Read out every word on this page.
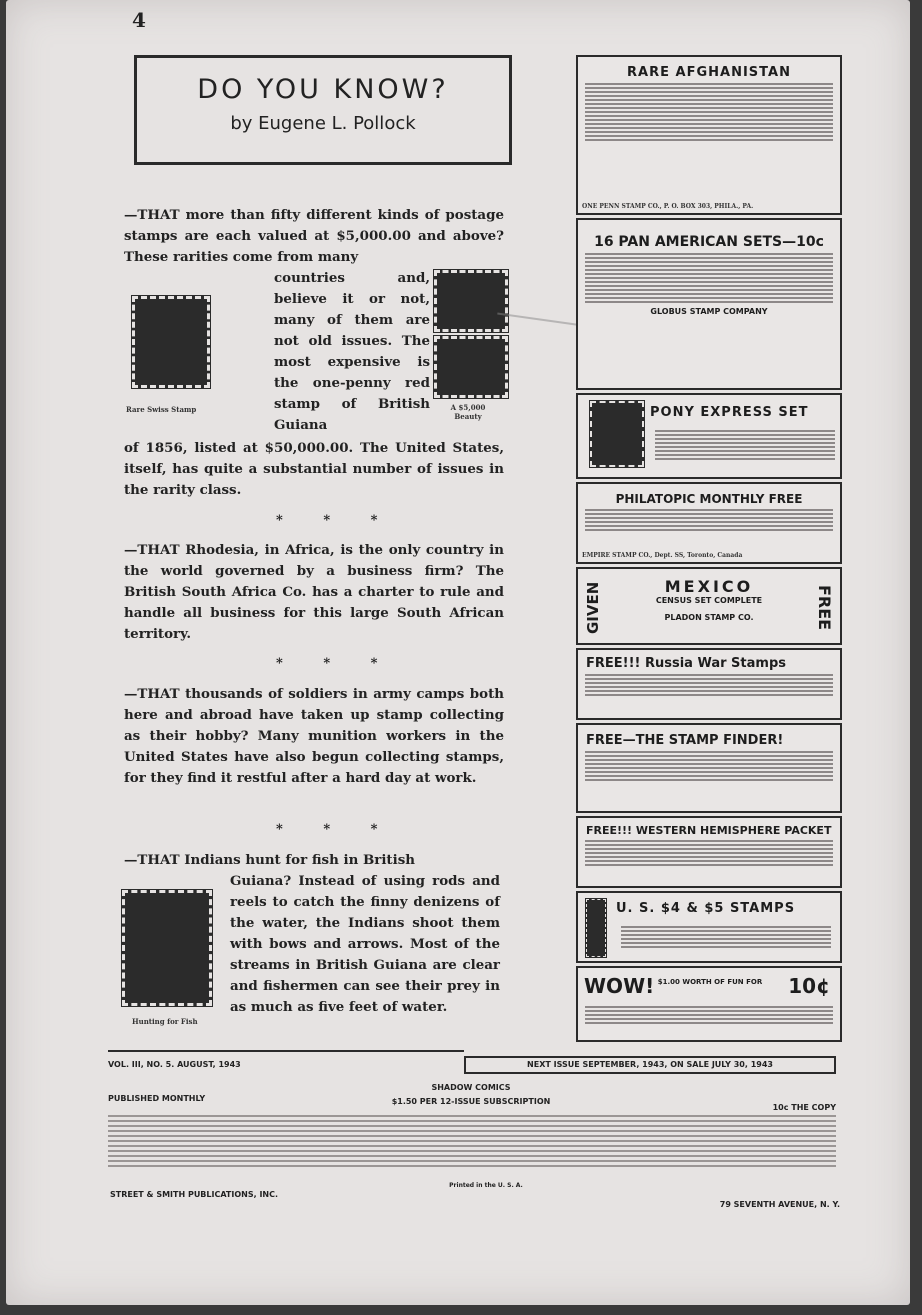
4
DO YOU KNOW?
by Eugene L. Pollock
—THAT more than fifty different kinds of postage stamps are each valued at $5,000.00 and above? These rarities come from many
Rare Swiss Stamp
countries and, believe it or not, many of them are not old issues. The most expensive is the one-penny red stamp of British Guiana
A $5,000 Beauty
of 1856, listed at $50,000.00. The United States, itself, has quite a substantial number of issues in the rarity class.
* * *
—THAT Rhodesia, in Africa, is the only country in the world governed by a business firm? The British South Africa Co. has a charter to rule and handle all business for this large South African territory.
* * *
—THAT thousands of soldiers in army camps both here and abroad have taken up stamp collecting as their hobby? Many munition workers in the United States have also begun collecting stamps, for they find it restful after a hard day at work.
* * *
—THAT Indians hunt for fish in British
Hunting for Fish
Guiana? Instead of using rods and reels to catch the finny denizens of the water, the Indians shoot them with bows and arrows. Most of the streams in British Guiana are clear and fishermen can see their prey in as much as five feet of water.
RARE AFGHANISTAN
ONE PENN STAMP CO., P. O. BOX 303, PHILA., PA.
16 PAN AMERICAN SETS—10c
GLOBUS STAMP COMPANY
PONY EXPRESS SET
PHILATOPIC MONTHLY FREE
EMPIRE STAMP CO., Dept. SS, Toronto, Canada
GIVEN	FREE
MEXICO
CENSUS SET COMPLETE
PLADON STAMP CO.
FREE!!! Russia War Stamps
FREE—THE STAMP FINDER!
FREE!!! WESTERN HEMISPHERE PACKET
U. S. $4 & $5 STAMPS
WOW! $1.00 WORTH OF FUN FOR	10¢
VOL. III, NO. 5. AUGUST, 1943	NEXT ISSUE SEPTEMBER, 1943, ON SALE JULY 30, 1943
SHADOW COMICS
PUBLISHED MONTHLY	$1.50 PER 12-ISSUE SUBSCRIPTION
10c THE COPY
STREET & SMITH PUBLICATIONS, INC.
Printed in the U. S. A.
79 SEVENTH AVENUE, N. Y.
